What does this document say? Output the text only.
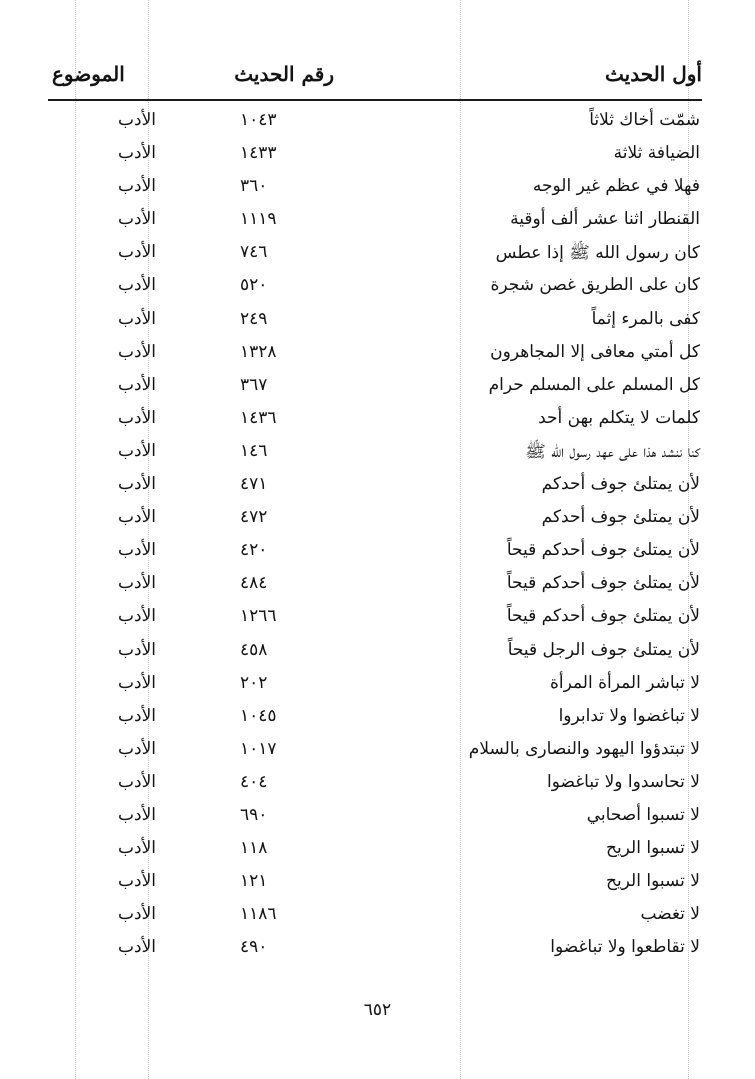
أول الحديث
رقم الحديث
الموضوع
شمّت أخاك ثلاثاً
١٠٤٣
الأدب
الضيافة ثلاثة
١٤٣٣
الأدب
فهلا في عظم غير الوجه
٣٦٠
الأدب
القنطار اثنا عشر ألف أوقية
١١١٩
الأدب
كان رسول الله ﷺ إذا عطس
٧٤٦
الأدب
كان على الطريق غصن شجرة
٥٢٠
الأدب
كفى بالمرء إثماً
٢٤٩
الأدب
كل أمتي معافى إلا المجاهرون
١٣٢٨
الأدب
كل المسلم على المسلم حرام
٣٦٧
الأدب
كلمات لا يتكلم بهن أحد
١٤٣٦
الأدب
كنا ننشد هذا على عهد رسول الله ﷺ
١٤٦
الأدب
لأن يمتلئ جوف أحدكم
٤٧١
الأدب
لأن يمتلئ جوف أحدكم
٤٧٢
الأدب
لأن يمتلئ جوف أحدكم قيحاً
٤٢٠
الأدب
لأن يمتلئ جوف أحدكم قيحاً
٤٨٤
الأدب
لأن يمتلئ جوف أحدكم قيحاً
١٢٦٦
الأدب
لأن يمتلئ جوف الرجل قيحاً
٤٥٨
الأدب
لا تباشر المرأة المرأة
٢٠٢
الأدب
لا تباغضوا ولا تدابروا
١٠٤٥
الأدب
لا تبتدؤوا اليهود والنصارى بالسلام
١٠١٧
الأدب
لا تحاسدوا ولا تباغضوا
٤٠٤
الأدب
لا تسبوا أصحابي
٦٩٠
الأدب
لا تسبوا الريح
١١٨
الأدب
لا تسبوا الريح
١٢١
الأدب
لا تغضب
١١٨٦
الأدب
لا تقاطعوا ولا تباغضوا
٤٩٠
الأدب
٦٥٢
